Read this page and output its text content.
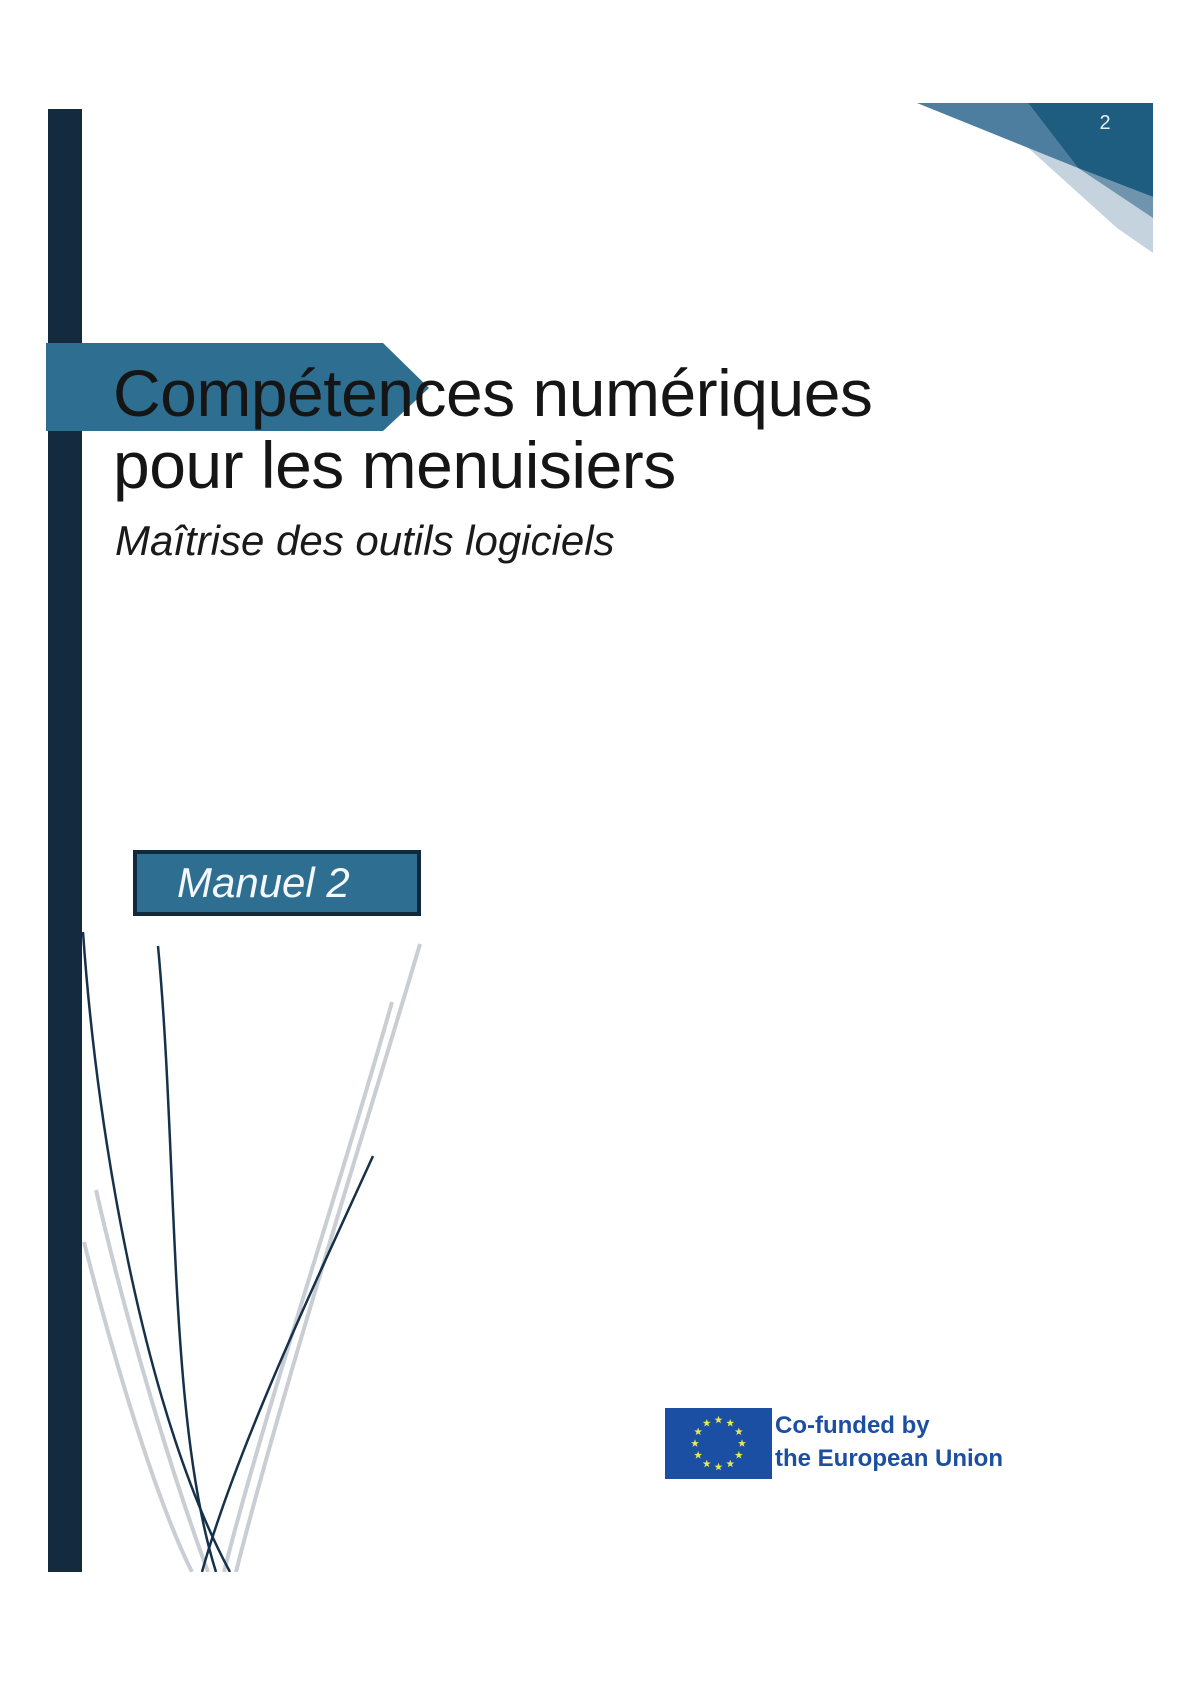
2
Compétences numériques
pour les menuisiers
Maîtrise des outils logiciels
Manuel 2
Co-funded by
the European Union
